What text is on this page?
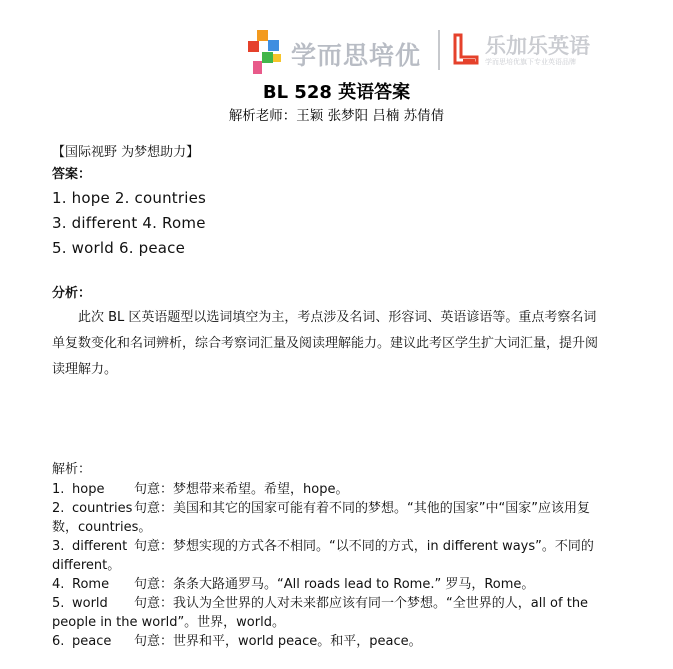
学而思培优	乐加乐英语
学而思培优旗下专业英语品牌
BL 528 英语答案
解析老师：王颖 张梦阳 吕楠 苏倩倩
【国际视野 为梦想助力】
答案：
1. hope 2. countries
3. different 4. Rome
5. world 6. peace
分析：

此次 BL 区英语题型以选词填空为主，考点涉及名词、形容词、英语谚语等。重点考察名词单复数变化和名词辨析，综合考察词汇量及阅读理解能力。建议此考区学生扩大词汇量，提升阅读理解力。

解析：
1. hope 句意：梦想带来希望。希望，hope。
2. countries 句意：美国和其它的国家可能有着不同的梦想。“其他的国家”中“国家”应该用复数，countries。
3. different 句意：梦想实现的方式各不相同。“以不同的方式，in different ways”。不同的 different。
4. Rome 句意：条条大路通罗马。“All roads lead to Rome.” 罗马，Rome。
5. world 句意：我认为全世界的人对未来都应该有同一个梦想。“全世界的人，all of the people in the world”。世界，world。
6. peace 句意：世界和平，world peace。和平，peace。
